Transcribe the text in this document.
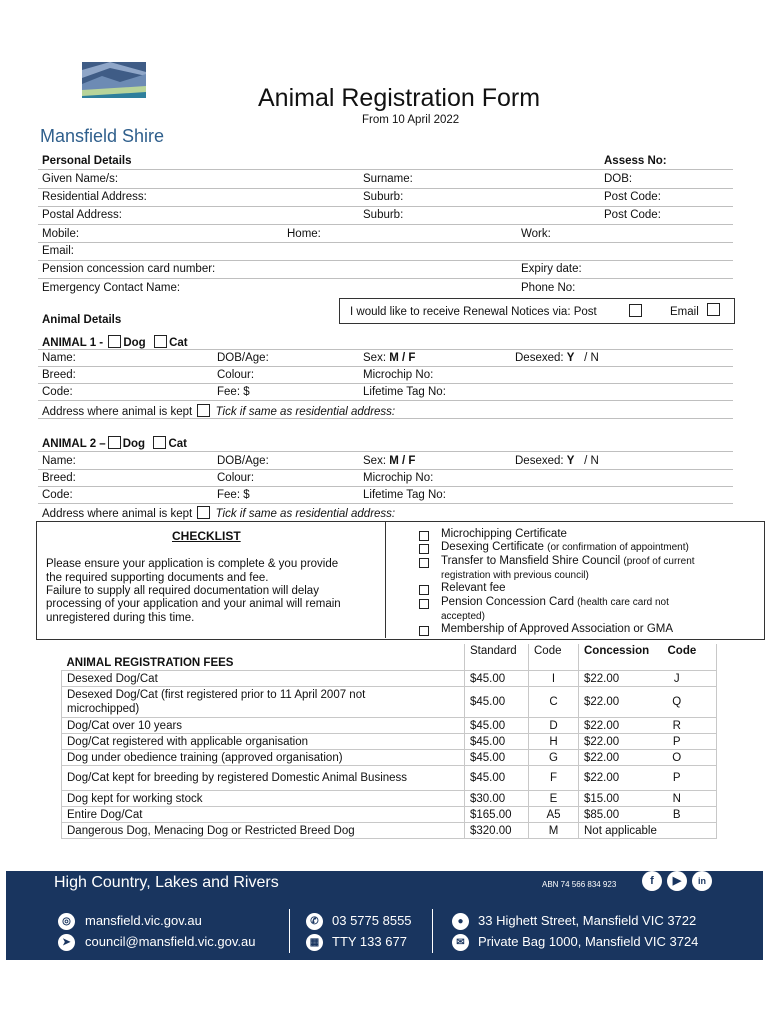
Mansfield Shire
Animal Registration Form
From 10 April 2022
Personal Details	Assess No:
Given Name/s:	Surname:	DOB:
Residential Address:	Suburb:	Post Code:
Postal Address:	Suburb:	Post Code:
Mobile:	Home:	Work:
Email:
Pension concession card number:	Expiry date:
Emergency Contact Name:	Phone No:
I would like to receive Renewal Notices via: Post	Email
Animal Details
ANIMAL 1 - Dog Cat
Name:	DOB/Age:	Sex: M / F	Desexed: Y / N
Breed:	Colour:	Microchip No:
Code:	Fee: $	Lifetime Tag No:
Address where animal is kept Tick if same as residential address:
ANIMAL 2 – Dog Cat
Name:	DOB/Age:	Sex: M / F	Desexed: Y / N
Breed:	Colour:	Microchip No:
Code:	Fee: $	Lifetime Tag No:
Address where animal is kept Tick if same as residential address:
CHECKLIST
Please ensure your application is complete & you provide
the required supporting documents and fee.
Failure to supply all required documentation will delay
processing of your application and your animal will remain
unregistered during this time.
Microchipping Certificate
Desexing Certificate (or confirmation of appointment)
Transfer to Mansfield Shire Council (proof of current
registration with previous council)
Relevant fee
Pension Concession Card (health care card not
accepted)
Membership of Approved Association or GMA
ANIMAL REGISTRATION FEES	Standard	Code	Concession	Code
Desexed Dog/Cat	$45.00	I	$22.00	J

Desexed Dog/Cat (first registered prior to 11 April 2007 not microchipped)	$45.00	C	$22.00	Q
Dog/Cat over 10 years	$45.00	D	$22.00	R
Dog/Cat registered with applicable organisation	$45.00	H	$22.00	P
Dog under obedience training (approved organisation)	$45.00	G	$22.00	O
Dog/Cat kept for breeding by registered Domestic Animal Business	$45.00	F	$22.00	P
Dog kept for working stock	$30.00	E	$15.00	N
Entire Dog/Cat	$165.00	A5	$85.00	B
Dangerous Dog, Menacing Dog or Restricted Breed Dog	$320.00	M	Not applicable	
High Country, Lakes and Rivers	ABN 74 566 834 923	f	▶	in
◎	mansfield.vic.gov.au
➤	council@mansfield.vic.gov.au
✆	03 5775 8555
▦ TTY 133 677
●	33 Highett Street, Mansfield VIC 3722
✉	Private Bag 1000, Mansfield VIC 3724
